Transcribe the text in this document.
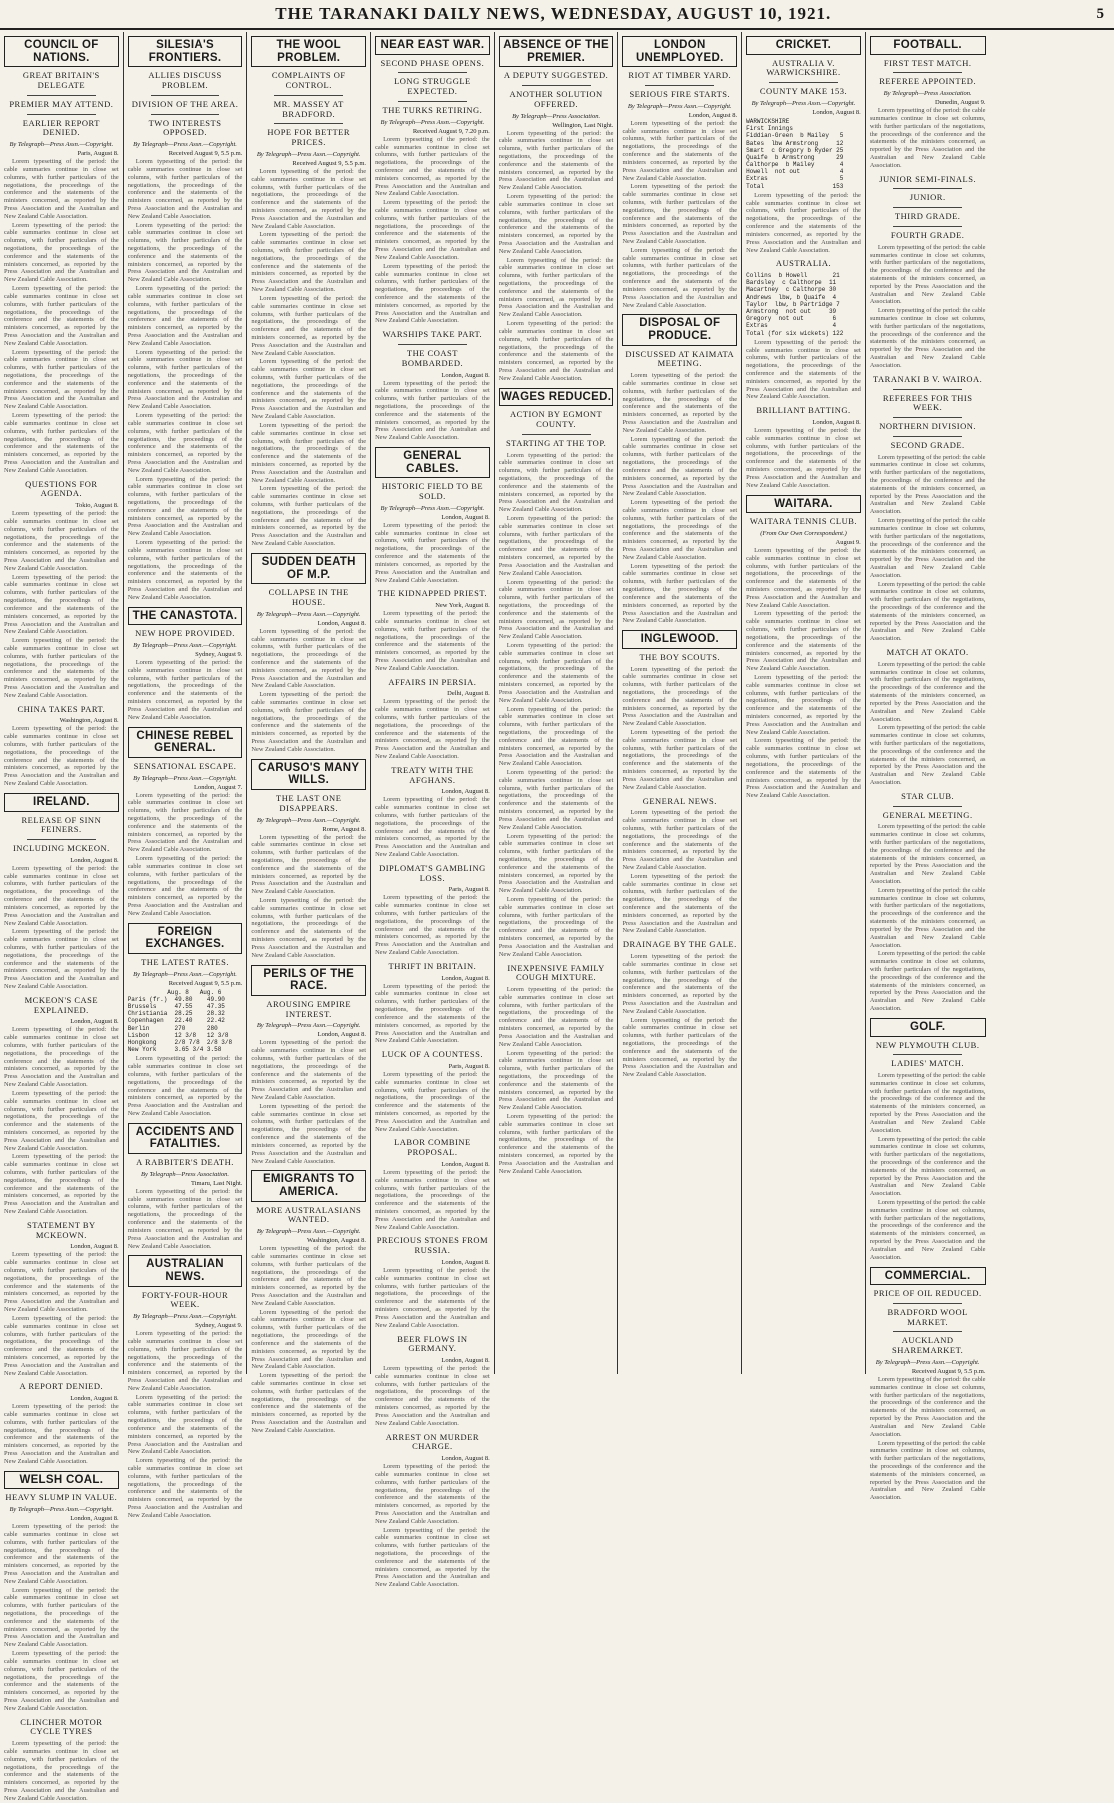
THE TARANAKI DAILY NEWS, WEDNESDAY, AUGUST 10, 1921.	5
COUNCIL OF NATIONS.
GREAT BRITAIN'S DELEGATE
PREMIER MAY ATTEND.
EARLIER REPORT DENIED.
By Telegraph—Press Assn.—Copyright.
Paris, August 8.
Lorem typesetting of the period: the cable summaries continue in close set columns, with further particulars of the negotiations, the proceedings of the conference and the statements of the ministers concerned, as reported by the Press Association and the Australian and New Zealand Cable Association.
Lorem typesetting of the period: the cable summaries continue in close set columns, with further particulars of the negotiations, the proceedings of the conference and the statements of the ministers concerned, as reported by the Press Association and the Australian and New Zealand Cable Association.
Lorem typesetting of the period: the cable summaries continue in close set columns, with further particulars of the negotiations, the proceedings of the conference and the statements of the ministers concerned, as reported by the Press Association and the Australian and New Zealand Cable Association.
Lorem typesetting of the period: the cable summaries continue in close set columns, with further particulars of the negotiations, the proceedings of the conference and the statements of the ministers concerned, as reported by the Press Association and the Australian and New Zealand Cable Association.
Lorem typesetting of the period: the cable summaries continue in close set columns, with further particulars of the negotiations, the proceedings of the conference and the statements of the ministers concerned, as reported by the Press Association and the Australian and New Zealand Cable Association.
QUESTIONS FOR AGENDA.
Tokio, August 8.
Lorem typesetting of the period: the cable summaries continue in close set columns, with further particulars of the negotiations, the proceedings of the conference and the statements of the ministers concerned, as reported by the Press Association and the Australian and New Zealand Cable Association.
Lorem typesetting of the period: the cable summaries continue in close set columns, with further particulars of the negotiations, the proceedings of the conference and the statements of the ministers concerned, as reported by the Press Association and the Australian and New Zealand Cable Association.
Lorem typesetting of the period: the cable summaries continue in close set columns, with further particulars of the negotiations, the proceedings of the conference and the statements of the ministers concerned, as reported by the Press Association and the Australian and New Zealand Cable Association.
CHINA TAKES PART.
Washington, August 8.
Lorem typesetting of the period: the cable summaries continue in close set columns, with further particulars of the negotiations, the proceedings of the conference and the statements of the ministers concerned, as reported by the Press Association and the Australian and New Zealand Cable Association.
IRELAND.
RELEASE OF SINN FEINERS.
INCLUDING MCKEON.
London, August 8.
Lorem typesetting of the period: the cable summaries continue in close set columns, with further particulars of the negotiations, the proceedings of the conference and the statements of the ministers concerned, as reported by the Press Association and the Australian and New Zealand Cable Association.
Lorem typesetting of the period: the cable summaries continue in close set columns, with further particulars of the negotiations, the proceedings of the conference and the statements of the ministers concerned, as reported by the Press Association and the Australian and New Zealand Cable Association.
MCKEON'S CASE EXPLAINED.
London, August 8.
Lorem typesetting of the period: the cable summaries continue in close set columns, with further particulars of the negotiations, the proceedings of the conference and the statements of the ministers concerned, as reported by the Press Association and the Australian and New Zealand Cable Association.
Lorem typesetting of the period: the cable summaries continue in close set columns, with further particulars of the negotiations, the proceedings of the conference and the statements of the ministers concerned, as reported by the Press Association and the Australian and New Zealand Cable Association.
Lorem typesetting of the period: the cable summaries continue in close set columns, with further particulars of the negotiations, the proceedings of the conference and the statements of the ministers concerned, as reported by the Press Association and the Australian and New Zealand Cable Association.
STATEMENT BY MCKEOWN.
London, August 8.
Lorem typesetting of the period: the cable summaries continue in close set columns, with further particulars of the negotiations, the proceedings of the conference and the statements of the ministers concerned, as reported by the Press Association and the Australian and New Zealand Cable Association.
Lorem typesetting of the period: the cable summaries continue in close set columns, with further particulars of the negotiations, the proceedings of the conference and the statements of the ministers concerned, as reported by the Press Association and the Australian and New Zealand Cable Association.
A REPORT DENIED.
London, August 8.
Lorem typesetting of the period: the cable summaries continue in close set columns, with further particulars of the negotiations, the proceedings of the conference and the statements of the ministers concerned, as reported by the Press Association and the Australian and New Zealand Cable Association.
WELSH COAL.
HEAVY SLUMP IN VALUE.
By Telegraph—Press Assn.—Copyright.
London, August 8.
Lorem typesetting of the period: the cable summaries continue in close set columns, with further particulars of the negotiations, the proceedings of the conference and the statements of the ministers concerned, as reported by the Press Association and the Australian and New Zealand Cable Association.
Lorem typesetting of the period: the cable summaries continue in close set columns, with further particulars of the negotiations, the proceedings of the conference and the statements of the ministers concerned, as reported by the Press Association and the Australian and New Zealand Cable Association.
Lorem typesetting of the period: the cable summaries continue in close set columns, with further particulars of the negotiations, the proceedings of the conference and the statements of the ministers concerned, as reported by the Press Association and the Australian and New Zealand Cable Association.
CLINCHER MOTOR CYCLE TYRES
Lorem typesetting of the period: the cable summaries continue in close set columns, with further particulars of the negotiations, the proceedings of the conference and the statements of the ministers concerned, as reported by the Press Association and the Australian and New Zealand Cable Association.
SILESIA'S FRONTIERS.
ALLIES DISCUSS PROBLEM.
DIVISION OF THE AREA.
TWO INTERESTS OPPOSED.
By Telegraph—Press Assn.—Copyright.
Received August 9, 5.5 p.m.
Lorem typesetting of the period: the cable summaries continue in close set columns, with further particulars of the negotiations, the proceedings of the conference and the statements of the ministers concerned, as reported by the Press Association and the Australian and New Zealand Cable Association.
Lorem typesetting of the period: the cable summaries continue in close set columns, with further particulars of the negotiations, the proceedings of the conference and the statements of the ministers concerned, as reported by the Press Association and the Australian and New Zealand Cable Association.
Lorem typesetting of the period: the cable summaries continue in close set columns, with further particulars of the negotiations, the proceedings of the conference and the statements of the ministers concerned, as reported by the Press Association and the Australian and New Zealand Cable Association.
Lorem typesetting of the period: the cable summaries continue in close set columns, with further particulars of the negotiations, the proceedings of the conference and the statements of the ministers concerned, as reported by the Press Association and the Australian and New Zealand Cable Association.
Lorem typesetting of the period: the cable summaries continue in close set columns, with further particulars of the negotiations, the proceedings of the conference and the statements of the ministers concerned, as reported by the Press Association and the Australian and New Zealand Cable Association.
Lorem typesetting of the period: the cable summaries continue in close set columns, with further particulars of the negotiations, the proceedings of the conference and the statements of the ministers concerned, as reported by the Press Association and the Australian and New Zealand Cable Association.
Lorem typesetting of the period: the cable summaries continue in close set columns, with further particulars of the negotiations, the proceedings of the conference and the statements of the ministers concerned, as reported by the Press Association and the Australian and New Zealand Cable Association.
THE CANASTOTA.
NEW HOPE PROVIDED.
By Telegraph—Press Assn.—Copyright.
Sydney, August 9.
Lorem typesetting of the period: the cable summaries continue in close set columns, with further particulars of the negotiations, the proceedings of the conference and the statements of the ministers concerned, as reported by the Press Association and the Australian and New Zealand Cable Association.
CHINESE REBEL GENERAL.
SENSATIONAL ESCAPE.
By Telegraph—Press Assn.—Copyright.
London, August 7.
Lorem typesetting of the period: the cable summaries continue in close set columns, with further particulars of the negotiations, the proceedings of the conference and the statements of the ministers concerned, as reported by the Press Association and the Australian and New Zealand Cable Association.
Lorem typesetting of the period: the cable summaries continue in close set columns, with further particulars of the negotiations, the proceedings of the conference and the statements of the ministers concerned, as reported by the Press Association and the Australian and New Zealand Cable Association.
FOREIGN EXCHANGES.
THE LATEST RATES.
By Telegraph—Press Assn.—Copyright.
Received August 9, 5.5 p.m.
Aug. 8   Aug. 6
Paris (fr.)  49.80    49.90
Brussels     47.55    47.35
Christiania  28.25    28.32
Copenhagen   22.40    22.42
Berlin       270      280
Lisbon       12 3/8   12 3/8
Hongkong     2/8 7/8  2/8 3/8
New York     3.65 3/4 3.58
Lorem typesetting of the period: the cable summaries continue in close set columns, with further particulars of the negotiations, the proceedings of the conference and the statements of the ministers concerned, as reported by the Press Association and the Australian and New Zealand Cable Association.
ACCIDENTS AND FATALITIES.
A RABBITER'S DEATH.
By Telegraph—Press Association.
Timaru, Last Night.
Lorem typesetting of the period: the cable summaries continue in close set columns, with further particulars of the negotiations, the proceedings of the conference and the statements of the ministers concerned, as reported by the Press Association and the Australian and New Zealand Cable Association.
AUSTRALIAN NEWS.
FORTY-FOUR-HOUR WEEK.
By Telegraph—Press Assn.—Copyright.
Sydney, August 9.
Lorem typesetting of the period: the cable summaries continue in close set columns, with further particulars of the negotiations, the proceedings of the conference and the statements of the ministers concerned, as reported by the Press Association and the Australian and New Zealand Cable Association.
Lorem typesetting of the period: the cable summaries continue in close set columns, with further particulars of the negotiations, the proceedings of the conference and the statements of the ministers concerned, as reported by the Press Association and the Australian and New Zealand Cable Association.
Lorem typesetting of the period: the cable summaries continue in close set columns, with further particulars of the negotiations, the proceedings of the conference and the statements of the ministers concerned, as reported by the Press Association and the Australian and New Zealand Cable Association.
THE WOOL PROBLEM.
COMPLAINTS OF CONTROL.
MR. MASSEY AT BRADFORD.
HOPE FOR BETTER PRICES.
By Telegraph—Press Assn.—Copyright.
Received August 9, 5.5 p.m.
Lorem typesetting of the period: the cable summaries continue in close set columns, with further particulars of the negotiations, the proceedings of the conference and the statements of the ministers concerned, as reported by the Press Association and the Australian and New Zealand Cable Association.
Lorem typesetting of the period: the cable summaries continue in close set columns, with further particulars of the negotiations, the proceedings of the conference and the statements of the ministers concerned, as reported by the Press Association and the Australian and New Zealand Cable Association.
Lorem typesetting of the period: the cable summaries continue in close set columns, with further particulars of the negotiations, the proceedings of the conference and the statements of the ministers concerned, as reported by the Press Association and the Australian and New Zealand Cable Association.
Lorem typesetting of the period: the cable summaries continue in close set columns, with further particulars of the negotiations, the proceedings of the conference and the statements of the ministers concerned, as reported by the Press Association and the Australian and New Zealand Cable Association.
Lorem typesetting of the period: the cable summaries continue in close set columns, with further particulars of the negotiations, the proceedings of the conference and the statements of the ministers concerned, as reported by the Press Association and the Australian and New Zealand Cable Association.
Lorem typesetting of the period: the cable summaries continue in close set columns, with further particulars of the negotiations, the proceedings of the conference and the statements of the ministers concerned, as reported by the Press Association and the Australian and New Zealand Cable Association.
SUDDEN DEATH OF M.P.
COLLAPSE IN THE HOUSE.
By Telegraph—Press Assn.—Copyright.
London, August 8.
Lorem typesetting of the period: the cable summaries continue in close set columns, with further particulars of the negotiations, the proceedings of the conference and the statements of the ministers concerned, as reported by the Press Association and the Australian and New Zealand Cable Association.
Lorem typesetting of the period: the cable summaries continue in close set columns, with further particulars of the negotiations, the proceedings of the conference and the statements of the ministers concerned, as reported by the Press Association and the Australian and New Zealand Cable Association.
CARUSO'S MANY WILLS.
THE LAST ONE DISAPPEARS.
By Telegraph—Press Assn.—Copyright.
Rome, August 8.
Lorem typesetting of the period: the cable summaries continue in close set columns, with further particulars of the negotiations, the proceedings of the conference and the statements of the ministers concerned, as reported by the Press Association and the Australian and New Zealand Cable Association.
Lorem typesetting of the period: the cable summaries continue in close set columns, with further particulars of the negotiations, the proceedings of the conference and the statements of the ministers concerned, as reported by the Press Association and the Australian and New Zealand Cable Association.
PERILS OF THE RACE.
AROUSING EMPIRE INTEREST.
By Telegraph—Press Assn.—Copyright.
London, August 8.
Lorem typesetting of the period: the cable summaries continue in close set columns, with further particulars of the negotiations, the proceedings of the conference and the statements of the ministers concerned, as reported by the Press Association and the Australian and New Zealand Cable Association.
Lorem typesetting of the period: the cable summaries continue in close set columns, with further particulars of the negotiations, the proceedings of the conference and the statements of the ministers concerned, as reported by the Press Association and the Australian and New Zealand Cable Association.
EMIGRANTS TO AMERICA.
MORE AUSTRALASIANS WANTED.
By Telegraph—Press Assn.—Copyright.
Washington, August 8.
Lorem typesetting of the period: the cable summaries continue in close set columns, with further particulars of the negotiations, the proceedings of the conference and the statements of the ministers concerned, as reported by the Press Association and the Australian and New Zealand Cable Association.
Lorem typesetting of the period: the cable summaries continue in close set columns, with further particulars of the negotiations, the proceedings of the conference and the statements of the ministers concerned, as reported by the Press Association and the Australian and New Zealand Cable Association.
Lorem typesetting of the period: the cable summaries continue in close set columns, with further particulars of the negotiations, the proceedings of the conference and the statements of the ministers concerned, as reported by the Press Association and the Australian and New Zealand Cable Association.
NEAR EAST WAR.
SECOND PHASE OPENS.
LONG STRUGGLE EXPECTED.
THE TURKS RETIRING.
By Telegraph—Press Assn.—Copyright.
Received August 9, 7.20 p.m.
Lorem typesetting of the period: the cable summaries continue in close set columns, with further particulars of the negotiations, the proceedings of the conference and the statements of the ministers concerned, as reported by the Press Association and the Australian and New Zealand Cable Association.
Lorem typesetting of the period: the cable summaries continue in close set columns, with further particulars of the negotiations, the proceedings of the conference and the statements of the ministers concerned, as reported by the Press Association and the Australian and New Zealand Cable Association.
Lorem typesetting of the period: the cable summaries continue in close set columns, with further particulars of the negotiations, the proceedings of the conference and the statements of the ministers concerned, as reported by the Press Association and the Australian and New Zealand Cable Association.
WARSHIPS TAKE PART.
THE COAST BOMBARDED.
London, August 8.
Lorem typesetting of the period: the cable summaries continue in close set columns, with further particulars of the negotiations, the proceedings of the conference and the statements of the ministers concerned, as reported by the Press Association and the Australian and New Zealand Cable Association.
GENERAL CABLES.
HISTORIC FIELD TO BE SOLD.
By Telegraph—Press Assn.—Copyright.
London, August 8.
Lorem typesetting of the period: the cable summaries continue in close set columns, with further particulars of the negotiations, the proceedings of the conference and the statements of the ministers concerned, as reported by the Press Association and the Australian and New Zealand Cable Association.
THE KIDNAPPED PRIEST.
New York, August 8.
Lorem typesetting of the period: the cable summaries continue in close set columns, with further particulars of the negotiations, the proceedings of the conference and the statements of the ministers concerned, as reported by the Press Association and the Australian and New Zealand Cable Association.
AFFAIRS IN PERSIA.
Delhi, August 8.
Lorem typesetting of the period: the cable summaries continue in close set columns, with further particulars of the negotiations, the proceedings of the conference and the statements of the ministers concerned, as reported by the Press Association and the Australian and New Zealand Cable Association.
TREATY WITH THE AFGHANS.
London, August 8.
Lorem typesetting of the period: the cable summaries continue in close set columns, with further particulars of the negotiations, the proceedings of the conference and the statements of the ministers concerned, as reported by the Press Association and the Australian and New Zealand Cable Association.
DIPLOMAT'S GAMBLING LOSS.
Paris, August 8.
Lorem typesetting of the period: the cable summaries continue in close set columns, with further particulars of the negotiations, the proceedings of the conference and the statements of the ministers concerned, as reported by the Press Association and the Australian and New Zealand Cable Association.
THRIFT IN BRITAIN.
London, August 8.
Lorem typesetting of the period: the cable summaries continue in close set columns, with further particulars of the negotiations, the proceedings of the conference and the statements of the ministers concerned, as reported by the Press Association and the Australian and New Zealand Cable Association.
LUCK OF A COUNTESS.
Paris, August 8.
Lorem typesetting of the period: the cable summaries continue in close set columns, with further particulars of the negotiations, the proceedings of the conference and the statements of the ministers concerned, as reported by the Press Association and the Australian and New Zealand Cable Association.
LABOR COMBINE PROPOSAL.
London, August 8.
Lorem typesetting of the period: the cable summaries continue in close set columns, with further particulars of the negotiations, the proceedings of the conference and the statements of the ministers concerned, as reported by the Press Association and the Australian and New Zealand Cable Association.
PRECIOUS STONES FROM RUSSIA.
London, August 8.
Lorem typesetting of the period: the cable summaries continue in close set columns, with further particulars of the negotiations, the proceedings of the conference and the statements of the ministers concerned, as reported by the Press Association and the Australian and New Zealand Cable Association.
BEER FLOWS IN GERMANY.
London, August 8.
Lorem typesetting of the period: the cable summaries continue in close set columns, with further particulars of the negotiations, the proceedings of the conference and the statements of the ministers concerned, as reported by the Press Association and the Australian and New Zealand Cable Association.
ARREST ON MURDER CHARGE.
London, August 8.
Lorem typesetting of the period: the cable summaries continue in close set columns, with further particulars of the negotiations, the proceedings of the conference and the statements of the ministers concerned, as reported by the Press Association and the Australian and New Zealand Cable Association.
Lorem typesetting of the period: the cable summaries continue in close set columns, with further particulars of the negotiations, the proceedings of the conference and the statements of the ministers concerned, as reported by the Press Association and the Australian and New Zealand Cable Association.
ABSENCE OF THE PREMIER.
A DEPUTY SUGGESTED.
ANOTHER SOLUTION OFFERED.
By Telegraph—Press Association.
Wellington, Last Night.
Lorem typesetting of the period: the cable summaries continue in close set columns, with further particulars of the negotiations, the proceedings of the conference and the statements of the ministers concerned, as reported by the Press Association and the Australian and New Zealand Cable Association.
Lorem typesetting of the period: the cable summaries continue in close set columns, with further particulars of the negotiations, the proceedings of the conference and the statements of the ministers concerned, as reported by the Press Association and the Australian and New Zealand Cable Association.
Lorem typesetting of the period: the cable summaries continue in close set columns, with further particulars of the negotiations, the proceedings of the conference and the statements of the ministers concerned, as reported by the Press Association and the Australian and New Zealand Cable Association.
Lorem typesetting of the period: the cable summaries continue in close set columns, with further particulars of the negotiations, the proceedings of the conference and the statements of the ministers concerned, as reported by the Press Association and the Australian and New Zealand Cable Association.
WAGES REDUCED.
ACTION BY EGMONT COUNTY.
STARTING AT THE TOP.
Lorem typesetting of the period: the cable summaries continue in close set columns, with further particulars of the negotiations, the proceedings of the conference and the statements of the ministers concerned, as reported by the Press Association and the Australian and New Zealand Cable Association.
Lorem typesetting of the period: the cable summaries continue in close set columns, with further particulars of the negotiations, the proceedings of the conference and the statements of the ministers concerned, as reported by the Press Association and the Australian and New Zealand Cable Association.
Lorem typesetting of the period: the cable summaries continue in close set columns, with further particulars of the negotiations, the proceedings of the conference and the statements of the ministers concerned, as reported by the Press Association and the Australian and New Zealand Cable Association.
Lorem typesetting of the period: the cable summaries continue in close set columns, with further particulars of the negotiations, the proceedings of the conference and the statements of the ministers concerned, as reported by the Press Association and the Australian and New Zealand Cable Association.
Lorem typesetting of the period: the cable summaries continue in close set columns, with further particulars of the negotiations, the proceedings of the conference and the statements of the ministers concerned, as reported by the Press Association and the Australian and New Zealand Cable Association.
Lorem typesetting of the period: the cable summaries continue in close set columns, with further particulars of the negotiations, the proceedings of the conference and the statements of the ministers concerned, as reported by the Press Association and the Australian and New Zealand Cable Association.
Lorem typesetting of the period: the cable summaries continue in close set columns, with further particulars of the negotiations, the proceedings of the conference and the statements of the ministers concerned, as reported by the Press Association and the Australian and New Zealand Cable Association.
Lorem typesetting of the period: the cable summaries continue in close set columns, with further particulars of the negotiations, the proceedings of the conference and the statements of the ministers concerned, as reported by the Press Association and the Australian and New Zealand Cable Association.
INEXPENSIVE FAMILY COUGH MIXTURE.
Lorem typesetting of the period: the cable summaries continue in close set columns, with further particulars of the negotiations, the proceedings of the conference and the statements of the ministers concerned, as reported by the Press Association and the Australian and New Zealand Cable Association.
Lorem typesetting of the period: the cable summaries continue in close set columns, with further particulars of the negotiations, the proceedings of the conference and the statements of the ministers concerned, as reported by the Press Association and the Australian and New Zealand Cable Association.
Lorem typesetting of the period: the cable summaries continue in close set columns, with further particulars of the negotiations, the proceedings of the conference and the statements of the ministers concerned, as reported by the Press Association and the Australian and New Zealand Cable Association.
LONDON UNEMPLOYED.
RIOT AT TIMBER YARD.
SERIOUS FIRE STARTS.
By Telegraph—Press Assn.—Copyright.
London, August 8.
Lorem typesetting of the period: the cable summaries continue in close set columns, with further particulars of the negotiations, the proceedings of the conference and the statements of the ministers concerned, as reported by the Press Association and the Australian and New Zealand Cable Association.
Lorem typesetting of the period: the cable summaries continue in close set columns, with further particulars of the negotiations, the proceedings of the conference and the statements of the ministers concerned, as reported by the Press Association and the Australian and New Zealand Cable Association.
Lorem typesetting of the period: the cable summaries continue in close set columns, with further particulars of the negotiations, the proceedings of the conference and the statements of the ministers concerned, as reported by the Press Association and the Australian and New Zealand Cable Association.
DISPOSAL OF PRODUCE.
DISCUSSED AT KAIMATA MEETING.
Lorem typesetting of the period: the cable summaries continue in close set columns, with further particulars of the negotiations, the proceedings of the conference and the statements of the ministers concerned, as reported by the Press Association and the Australian and New Zealand Cable Association.
Lorem typesetting of the period: the cable summaries continue in close set columns, with further particulars of the negotiations, the proceedings of the conference and the statements of the ministers concerned, as reported by the Press Association and the Australian and New Zealand Cable Association.
Lorem typesetting of the period: the cable summaries continue in close set columns, with further particulars of the negotiations, the proceedings of the conference and the statements of the ministers concerned, as reported by the Press Association and the Australian and New Zealand Cable Association.
Lorem typesetting of the period: the cable summaries continue in close set columns, with further particulars of the negotiations, the proceedings of the conference and the statements of the ministers concerned, as reported by the Press Association and the Australian and New Zealand Cable Association.
INGLEWOOD.
THE BOY SCOUTS.
Lorem typesetting of the period: the cable summaries continue in close set columns, with further particulars of the negotiations, the proceedings of the conference and the statements of the ministers concerned, as reported by the Press Association and the Australian and New Zealand Cable Association.
Lorem typesetting of the period: the cable summaries continue in close set columns, with further particulars of the negotiations, the proceedings of the conference and the statements of the ministers concerned, as reported by the Press Association and the Australian and New Zealand Cable Association.
GENERAL NEWS.
Lorem typesetting of the period: the cable summaries continue in close set columns, with further particulars of the negotiations, the proceedings of the conference and the statements of the ministers concerned, as reported by the Press Association and the Australian and New Zealand Cable Association.
Lorem typesetting of the period: the cable summaries continue in close set columns, with further particulars of the negotiations, the proceedings of the conference and the statements of the ministers concerned, as reported by the Press Association and the Australian and New Zealand Cable Association.
DRAINAGE BY THE GALE.
Lorem typesetting of the period: the cable summaries continue in close set columns, with further particulars of the negotiations, the proceedings of the conference and the statements of the ministers concerned, as reported by the Press Association and the Australian and New Zealand Cable Association.
Lorem typesetting of the period: the cable summaries continue in close set columns, with further particulars of the negotiations, the proceedings of the conference and the statements of the ministers concerned, as reported by the Press Association and the Australian and New Zealand Cable Association.
CRICKET.
AUSTRALIA V. WARWICKSHIRE.
COUNTY MAKE 153.
By Telegraph—Press Assn.—Copyright.
London, August 8.
WARWICKSHIRE
First Innings
Fiddian-Green  b Mailey   5
Bates  lbw Armstrong     12
Smart  c Gregory b Ryder 25
Quaife  b Armstrong      29
Calthorpe  b Mailey       4
Howell  not out           4
Extras                    5
Total                   153
Lorem typesetting of the period: the cable summaries continue in close set columns, with further particulars of the negotiations, the proceedings of the conference and the statements of the ministers concerned, as reported by the Press Association and the Australian and New Zealand Cable Association.
AUSTRALIA.
Collins  b Howell       21
Bardsley  c Calthorpe  11
Macartney  c Calthorpe 30
Andrews  lbw, b Quaife  4
Taylor  lbw, b Partridge 7
Armstrong  not out     39
Gregory  not out        6
Extras                  4
Total (for six wickets) 122
Lorem typesetting of the period: the cable summaries continue in close set columns, with further particulars of the negotiations, the proceedings of the conference and the statements of the ministers concerned, as reported by the Press Association and the Australian and New Zealand Cable Association.
BRILLIANT BATTING.
London, August 8.
Lorem typesetting of the period: the cable summaries continue in close set columns, with further particulars of the negotiations, the proceedings of the conference and the statements of the ministers concerned, as reported by the Press Association and the Australian and New Zealand Cable Association.
WAITARA.
WAITARA TENNIS CLUB.
(From Our Own Correspondent.)
August 9.
Lorem typesetting of the period: the cable summaries continue in close set columns, with further particulars of the negotiations, the proceedings of the conference and the statements of the ministers concerned, as reported by the Press Association and the Australian and New Zealand Cable Association.
Lorem typesetting of the period: the cable summaries continue in close set columns, with further particulars of the negotiations, the proceedings of the conference and the statements of the ministers concerned, as reported by the Press Association and the Australian and New Zealand Cable Association.
Lorem typesetting of the period: the cable summaries continue in close set columns, with further particulars of the negotiations, the proceedings of the conference and the statements of the ministers concerned, as reported by the Press Association and the Australian and New Zealand Cable Association.
Lorem typesetting of the period: the cable summaries continue in close set columns, with further particulars of the negotiations, the proceedings of the conference and the statements of the ministers concerned, as reported by the Press Association and the Australian and New Zealand Cable Association.
FOOTBALL.
FIRST TEST MATCH.
REFEREE APPOINTED.
By Telegraph—Press Association.
Dunedin, August 9.
Lorem typesetting of the period: the cable summaries continue in close set columns, with further particulars of the negotiations, the proceedings of the conference and the statements of the ministers concerned, as reported by the Press Association and the Australian and New Zealand Cable Association.
JUNIOR SEMI-FINALS.
JUNIOR.
THIRD GRADE.
FOURTH GRADE.
Lorem typesetting of the period: the cable summaries continue in close set columns, with further particulars of the negotiations, the proceedings of the conference and the statements of the ministers concerned, as reported by the Press Association and the Australian and New Zealand Cable Association.
Lorem typesetting of the period: the cable summaries continue in close set columns, with further particulars of the negotiations, the proceedings of the conference and the statements of the ministers concerned, as reported by the Press Association and the Australian and New Zealand Cable Association.
TARANAKI B V. WAIROA.
REFEREES FOR THIS WEEK.
NORTHERN DIVISION.
SECOND GRADE.
Lorem typesetting of the period: the cable summaries continue in close set columns, with further particulars of the negotiations, the proceedings of the conference and the statements of the ministers concerned, as reported by the Press Association and the Australian and New Zealand Cable Association.
Lorem typesetting of the period: the cable summaries continue in close set columns, with further particulars of the negotiations, the proceedings of the conference and the statements of the ministers concerned, as reported by the Press Association and the Australian and New Zealand Cable Association.
Lorem typesetting of the period: the cable summaries continue in close set columns, with further particulars of the negotiations, the proceedings of the conference and the statements of the ministers concerned, as reported by the Press Association and the Australian and New Zealand Cable Association.
MATCH AT OKATO.
Lorem typesetting of the period: the cable summaries continue in close set columns, with further particulars of the negotiations, the proceedings of the conference and the statements of the ministers concerned, as reported by the Press Association and the Australian and New Zealand Cable Association.
Lorem typesetting of the period: the cable summaries continue in close set columns, with further particulars of the negotiations, the proceedings of the conference and the statements of the ministers concerned, as reported by the Press Association and the Australian and New Zealand Cable Association.
STAR CLUB.
GENERAL MEETING.
Lorem typesetting of the period: the cable summaries continue in close set columns, with further particulars of the negotiations, the proceedings of the conference and the statements of the ministers concerned, as reported by the Press Association and the Australian and New Zealand Cable Association.
Lorem typesetting of the period: the cable summaries continue in close set columns, with further particulars of the negotiations, the proceedings of the conference and the statements of the ministers concerned, as reported by the Press Association and the Australian and New Zealand Cable Association.
Lorem typesetting of the period: the cable summaries continue in close set columns, with further particulars of the negotiations, the proceedings of the conference and the statements of the ministers concerned, as reported by the Press Association and the Australian and New Zealand Cable Association.
GOLF.
NEW PLYMOUTH CLUB.
LADIES' MATCH.
Lorem typesetting of the period: the cable summaries continue in close set columns, with further particulars of the negotiations, the proceedings of the conference and the statements of the ministers concerned, as reported by the Press Association and the Australian and New Zealand Cable Association.
Lorem typesetting of the period: the cable summaries continue in close set columns, with further particulars of the negotiations, the proceedings of the conference and the statements of the ministers concerned, as reported by the Press Association and the Australian and New Zealand Cable Association.
Lorem typesetting of the period: the cable summaries continue in close set columns, with further particulars of the negotiations, the proceedings of the conference and the statements of the ministers concerned, as reported by the Press Association and the Australian and New Zealand Cable Association.
COMMERCIAL.
PRICE OF OIL REDUCED.
BRADFORD WOOL MARKET.
AUCKLAND SHAREMARKET.
By Telegraph—Press Assn.—Copyright.
Received August 9, 5.5 p.m.
Lorem typesetting of the period: the cable summaries continue in close set columns, with further particulars of the negotiations, the proceedings of the conference and the statements of the ministers concerned, as reported by the Press Association and the Australian and New Zealand Cable Association.
Lorem typesetting of the period: the cable summaries continue in close set columns, with further particulars of the negotiations, the proceedings of the conference and the statements of the ministers concerned, as reported by the Press Association and the Australian and New Zealand Cable Association.
